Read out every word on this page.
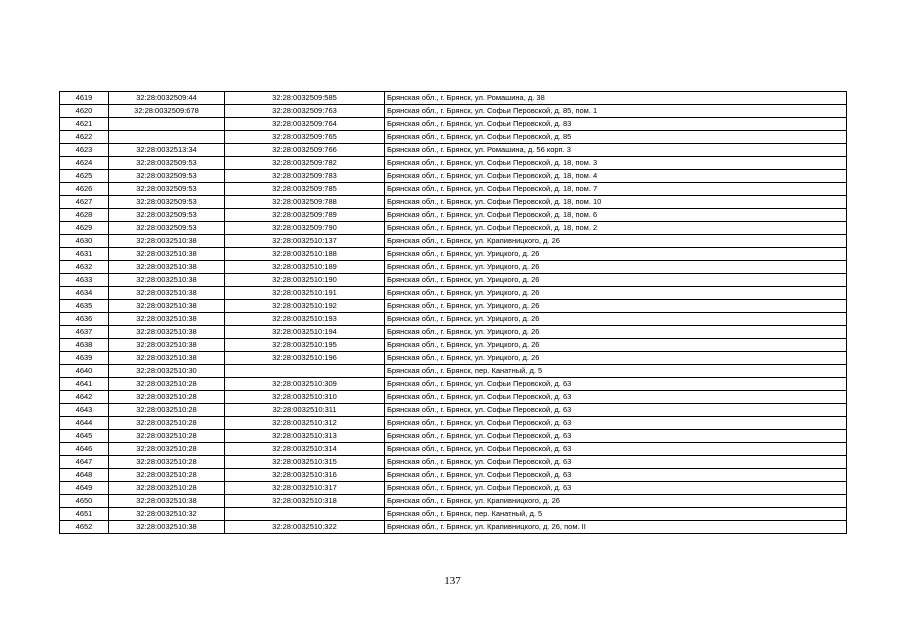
4619	32:28:0032509:44	32:28:0032509:585	Брянская обл., г. Брянск, ул. Ромашина, д. 38
4620	32:28:0032509:678	32:28:0032509:763	Брянская обл., г. Брянск, ул. Софьи Перовской, д. 85, пом. 1
4621		32:28:0032509:764	Брянская обл., г. Брянск, ул. Софьи Перовской, д. 83
4622		32:28:0032509:765	Брянская обл., г. Брянск, ул. Софьи Перовской, д. 85
4623	32:28:0032513:34	32:28:0032509:766	Брянская обл., г. Брянск, ул. Ромашина, д. 56 корп. 3
4624	32:28:0032509:53	32:28:0032509:782	Брянская обл., г. Брянск, ул. Софьи Перовской, д. 18, пом. 3
4625	32:28:0032509:53	32:28:0032509:783	Брянская обл., г. Брянск, ул. Софьи Перовской, д. 18, пом. 4
4626	32:28:0032509:53	32:28:0032509:785	Брянская обл., г. Брянск, ул. Софьи Перовской, д. 18, пом. 7
4627	32:28:0032509:53	32:28:0032509:788	Брянская обл., г. Брянск, ул. Софьи Перовской, д. 18, пом. 10
4628	32:28:0032509:53	32:28:0032509:789	Брянская обл., г. Брянск, ул. Софьи Перовской, д. 18, пом. 6
4629	32:28:0032509:53	32:28:0032509:790	Брянская обл., г. Брянск, ул. Софьи Перовской, д. 18, пом. 2
4630	32:28:0032510:38	32:28:0032510:137	Брянская обл., г. Брянск, ул. Крапивницкого, д. 26
4631	32:28:0032510:38	32:28:0032510:188	Брянская обл., г. Брянск, ул. Урицкого, д. 26
4632	32:28:0032510:38	32:28:0032510:189	Брянская обл., г. Брянск, ул. Урицкого, д. 26
4633	32:28:0032510:38	32:28:0032510:190	Брянская обл., г. Брянск, ул. Урицкого, д. 26
4634	32:28:0032510:38	32:28:0032510:191	Брянская обл., г. Брянск, ул. Урицкого, д. 26
4635	32:28:0032510:38	32:28:0032510:192	Брянская обл., г. Брянск, ул. Урицкого, д. 26
4636	32:28:0032510:38	32:28:0032510:193	Брянская обл., г. Брянск, ул. Урицкого, д. 26
4637	32:28:0032510:38	32:28:0032510:194	Брянская обл., г. Брянск, ул. Урицкого, д. 26
4638	32:28:0032510:38	32:28:0032510:195	Брянская обл., г. Брянск, ул. Урицкого, д. 26
4639	32:28:0032510:38	32:28:0032510:196	Брянская обл., г. Брянск, ул. Урицкого, д. 26
4640	32:28:0032510:30		Брянская обл., г. Брянск, пер. Канатный, д. 5
4641	32:28:0032510:28	32:28:0032510:309	Брянская обл., г. Брянск, ул. Софьи Перовской, д. 63
4642	32:28:0032510:28	32:28:0032510:310	Брянская обл., г. Брянск, ул. Софьи Перовской, д. 63
4643	32:28:0032510:28	32:28:0032510:311	Брянская обл., г. Брянск, ул. Софьи Перовской, д. 63
4644	32:28:0032510:28	32:28:0032510:312	Брянская обл., г. Брянск, ул. Софьи Перовской, д. 63
4645	32:28:0032510:28	32:28:0032510:313	Брянская обл., г. Брянск, ул. Софьи Перовской, д. 63
4646	32:28:0032510:28	32:28:0032510:314	Брянская обл., г. Брянск, ул. Софьи Перовской, д. 63
4647	32:28:0032510:28	32:28:0032510:315	Брянская обл., г. Брянск, ул. Софьи Перовской, д. 63
4648	32:28:0032510:28	32:28:0032510:316	Брянская обл., г. Брянск, ул. Софьи Перовской, д. 63
4649	32:28:0032510:28	32:28:0032510:317	Брянская обл., г. Брянск, ул. Софьи Перовской, д. 63
4650	32:28:0032510:38	32:28:0032510:318	Брянская обл., г. Брянск, ул. Крапивницкого, д. 26
4651	32:28:0032510:32		Брянская обл., г. Брянск, пер. Канатный, д. 5
4652	32:28:0032510:38	32:28:0032510:322	Брянская обл., г. Брянск, ул. Крапивницкого, д. 26, пом. II
137
